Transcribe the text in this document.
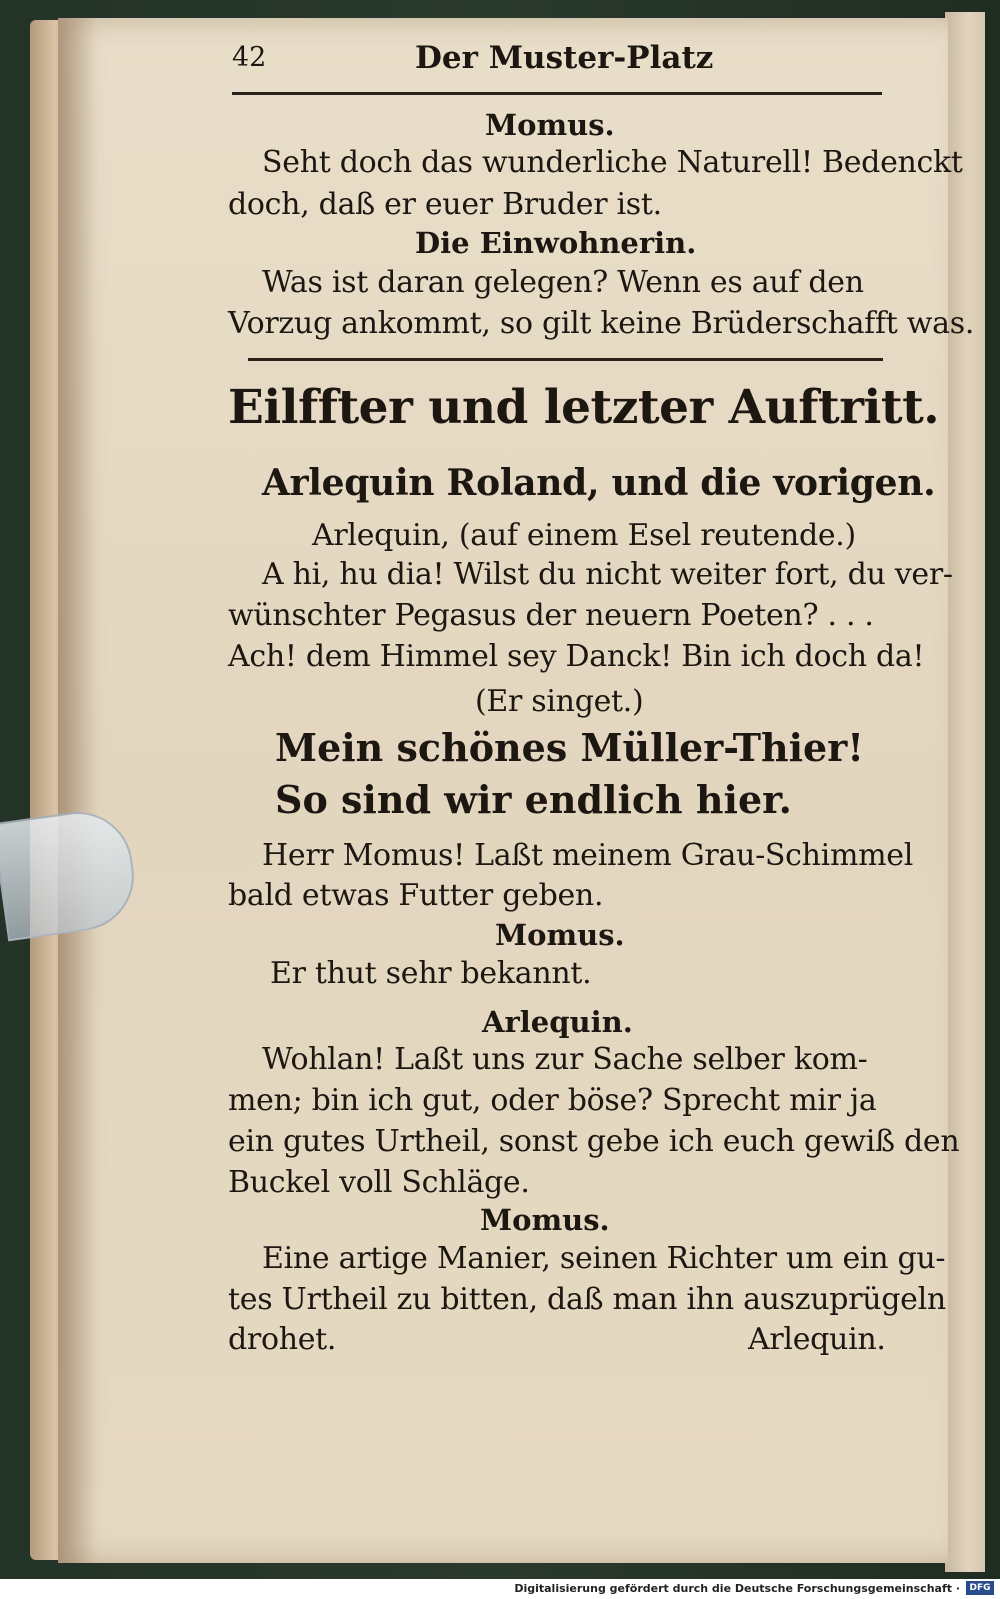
42	Der Muster-Platz
Momus.
Seht doch das wunderliche Naturell! Bedenckt
doch, daß er euer Bruder ist.
Die Einwohnerin.
Was ist daran gelegen? Wenn es auf den
Vorzug ankommt, so gilt keine Brüderschafft was.
Eilffter und letzter Auftritt.
Arlequin Roland, und die vorigen.
Arlequin, (auf einem Esel reutende.)
A hi, hu dia! Wilst du nicht weiter fort, du ver-
wünschter Pegasus der neuern Poeten? . . .
Ach! dem Himmel sey Danck! Bin ich doch da!
(Er singet.)
Mein schönes Müller-Thier!
So sind wir endlich hier.
Herr Momus! Laßt meinem Grau-Schimmel
bald etwas Futter geben.
Momus.
Er thut sehr bekannt.
Arlequin.
Wohlan! Laßt uns zur Sache selber kom-
men; bin ich gut, oder böse? Sprecht mir ja
ein gutes Urtheil, sonst gebe ich euch gewiß den
Buckel voll Schläge.
Momus.
Eine artige Manier, seinen Richter um ein gu-
tes Urtheil zu bitten, daß man ihn auszuprügeln
drohet.	Arlequin.
Digitalisierung gefördert durch die Deutsche Forschungsgemeinschaft ·	DFG
